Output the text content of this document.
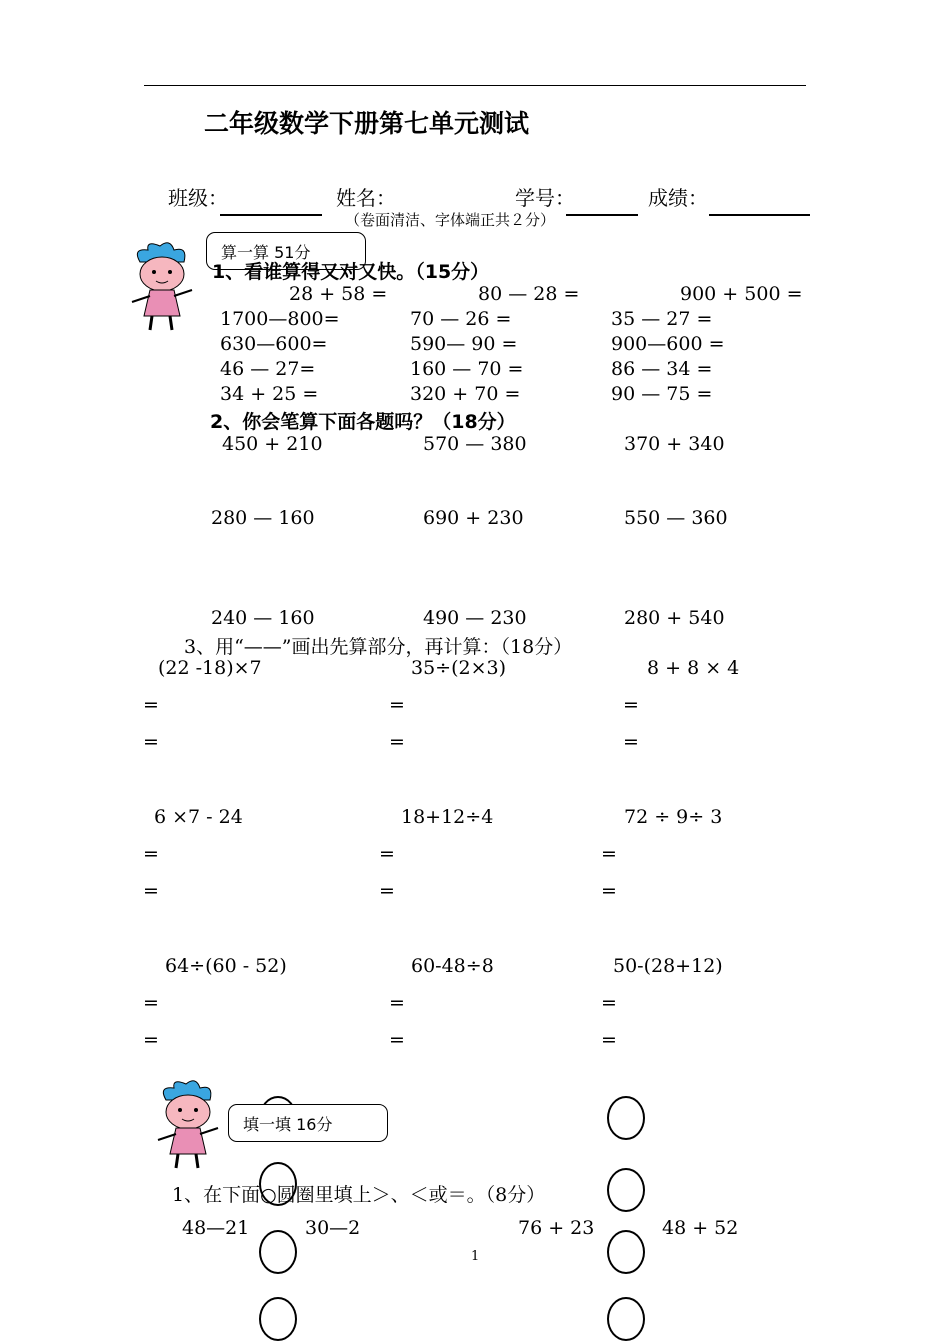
二年级数学下册第七单元测试
班级：	姓名：	学号：	成绩：
（卷面清洁、字体端正共２分）
算一算 51分
1、看谁算得又对又快。（15分）
28 + 58 =	80 — 28 =	900 + 500 =
1700—800=	70 — 26 =	35 — 27 =
630—600=	590— 90 =	900—600 =
46 — 27=	160 — 70 =	86 — 34 =
34 + 25 =	320 + 70 =	90 — 75 =
2、你会笔算下面各题吗？（18分）
450 + 210	570 — 380	370 + 340
280 — 160	690 + 230	550 — 360
240 — 160	490 — 230	280 + 540
3、用“——”画出先算部分，再计算：（18分）
(22 -18)×7	35÷(2×3)	8 + 8 × 4
=	=	=
=	=	=
6 ×7 - 24	18+12÷4	72 ÷ 9÷ 3
=	=	=
=	=	=
64÷(60 - 52)	60-48÷8	50-(28+12)
=	=	=
=	=	=
填一填 16分
1、在下面○圆圈里填上＞、＜或＝。（8分）
48—21	30—2	76 + 23	48 + 52
1
